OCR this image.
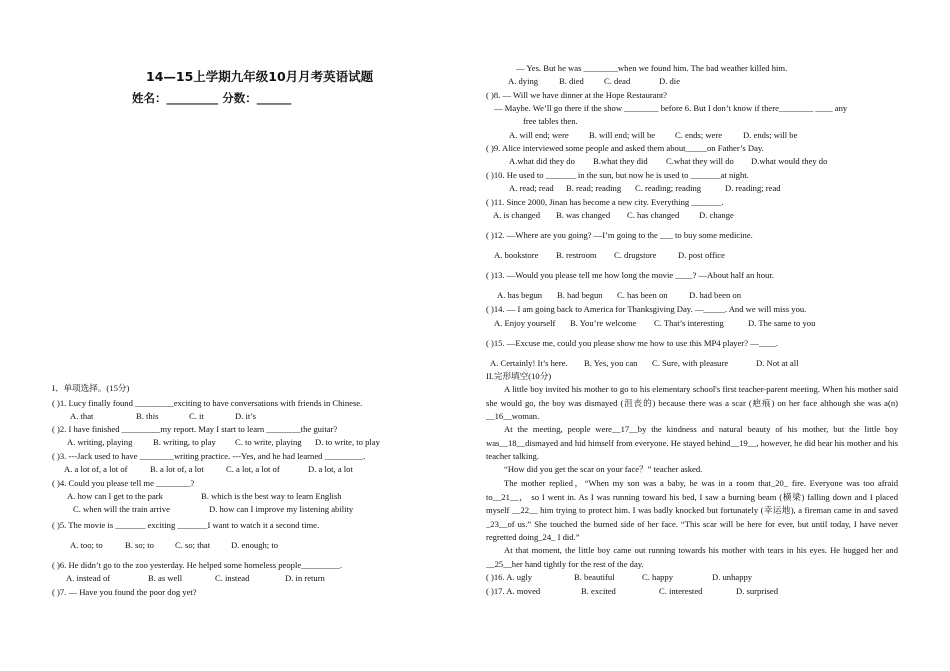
14—15上学期九年级10月月考英语试题
姓名：_________ 分数：______
I、单项选择。(15分)
( )1. Lucy finally found _________exciting to have conversations with friends in Chinese.
A. that	B. this	C. it	D. it’s
( )2. I have finished _________my report. May I start to learn ________the guitar?
A. writing, playing B. writing, to play C. to write, playing D. to write, to play
( )3. ---Jack used to have ________writing practice. ---Yes, and he had learned _________.
A. a lot of, a lot of	B. a lot of, a lot	C. a lot, a lot of	D. a lot, a lot
( )4. Could you please tell me ________?
A. how can I get to the park	B. which is the best way to learn English
C. when will the train arrive	D. how can I improve my listening ability
( )5. The movie is _______ exciting _______I want to watch it a second time.
A. too; to	B. so; to C. so; that D. enough; to
( )6. He didn’t go to the zoo yesterday. He helped some homeless people_________.
A. instead of	B. as well	C. instead	D. in return
( )7. — Have you found the poor dog yet?
— Yes. But he was ________when we found him. The bad weather killed him.
A. dying B. died C. dead	D. die
( )8. — Will we have dinner at the Hope Restaurant?
— Maybe. We’ll go there if the show ________ before 6. But I don’t know if there________ ____ any
free tables then.
A. will end; were B. will end; will be C. ends; were D. ends; will be
( )9. Alice interviewed some people and asked them about_____on Father’s Day.
A.what did they do B.what they did C.what they will do D.what would they do
( )10. He used to _______ in the sun, but now he is used to _______at night.
A. read; read B. read; reading C. reading; reading	D. reading; read
( )11. Since 2000, Jinan has become a new city. Everything _______.
A. is changed B. was changed C. has changed D. change
( )12. —Where are you going? —I’m going to the ___ to buy some medicine.
A. bookstore B. restroom C. drugstore	D. post office
( )13. —Would you please tell me how long the movie ____? —About half an hour.
A. has begun B. had begun C. has been on D. had been on
( )14. — I am going back to America for Thanksgiving Day. —_____. And we will miss you.
A. Enjoy yourself B. You’re welcome C. That’s interesting	D. The same to you
( )15. —Excuse me, could you please show me how to use this MP4 player? —____.
A. Certainly! It’s here. B. Yes, you can C. Sure, with pleasure	D. Not at all
II.完形填空(10分)
A little boy invited his mother to go to his elementary school's first teacher-parent meeting. When his mother said she would go, the boy was dismayed (沮丧的) because there was a scar (疤痕) on her face although she was a(n) __16__woman.
At the meeting, people were__17__by the kindness and natural beauty of his mother, but the little boy was__18__dismayed and hid himself from everyone. He stayed behind__19__, however, he did hear his mother and his teacher talking.
“How did you get the scar on your face？” teacher asked.
The mother replied，“When my son was a baby, he was in a room that_20_ fire. Everyone was too afraid to__21__， so I went in. As I was running toward his bed, I saw a burning beam (横梁) falling down and I placed myself __22__ him trying to protect him. I was badly knocked but fortunately (幸运地), a fireman came in and saved _23__of us.” She touched the burned side of her face. “This scar will be here for ever, but until today, I have never regretted doing_24_ I did.”
At that moment, the little boy came out running towards his mother with tears in his eyes. He hugged her and __25__her hand tightly for the rest of the day.
( )16. A. ugly	B. beautiful	C. happy	D. unhappy
( )17. A. moved	B. excited	C. interested	D. surprised
